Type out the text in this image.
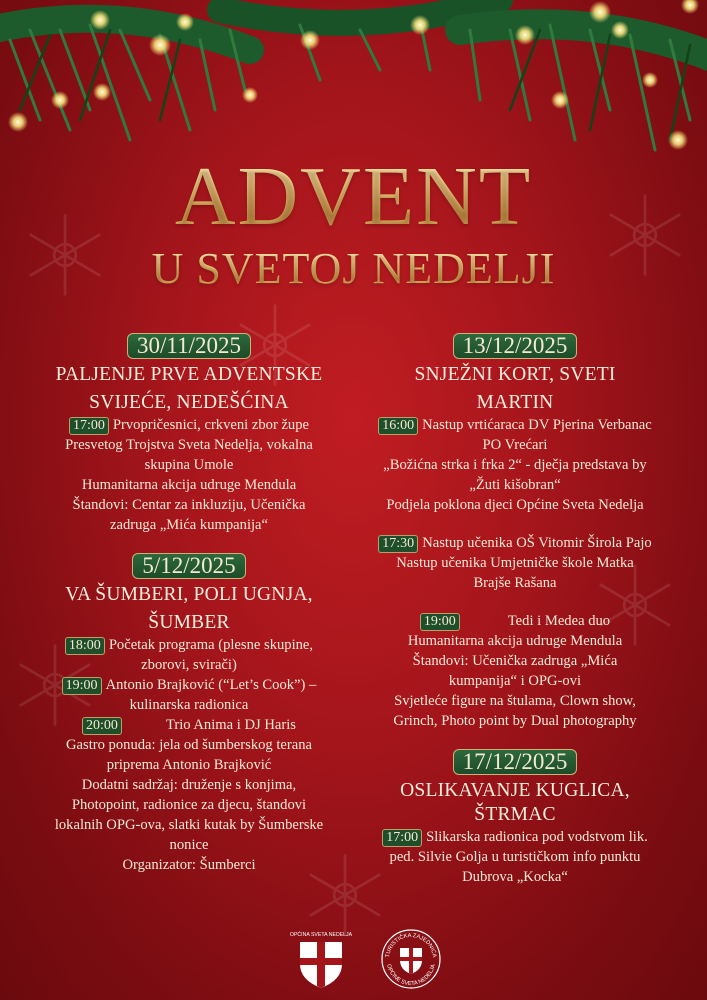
ADVENT
U SVETOJ NEDELJI
30/11/2025
PALJENJE PRVE ADVENTSKE
SVIJEĆE, NEDEŠĆINA
17:00 Prvopričesnici, crkveni zbor župe
Presvetog Trojstva Sveta Nedelja, vokalna
skupina Umole
Humanitarna akcija udruge Mendula
Štandovi: Centar za inkluziju, Učenička
zadruga „Mića kumpanija“
5/12/2025
VA ŠUMBERI, POLI UGNJA,
ŠUMBER
18:00 Početak programa (plesne skupine,
zborovi, svirači)
19:00 Antonio Brajković (“Let’s Cook”) –
kulinarska radionica
20:00	Trio Anima i DJ Haris
Gastro ponuda: jela od šumberskog terana
priprema Antonio Brajković
Dodatni sadržaj: druženje s konjima,
Photopoint, radionice za djecu, štandovi
lokalnih OPG-ova, slatki kutak by Šumberske
nonice
Organizator: Šumberci
13/12/2025
SNJEŽNI KORT, SVETI
MARTIN
16:00 Nastup vrtićaraca DV Pjerina Verbanac
PO Vrećari
„Božićna strka i frka 2“ - dječja predstava by
„Žuti kišobran“
Podjela poklona djeci Općine Sveta Nedelja
17:30 Nastup učenika OŠ Vitomir Širola Pajo
Nastup učenika Umjetničke škole Matka
Brajše Rašana
19:00	Tedi i Medea duo
Humanitarna akcija udruge Mendula
Štandovi: Učenička zadruga „Mića
kumpanija“ i OPG-ovi
Svjetleće figure na štulama, Clown show,
Grinch, Photo point by Dual photography
17/12/2025
OSLIKAVANJE KUGLICA, ŠTRMAC
17:00 Slikarska radionica pod vodstvom lik.
ped. Silvie Golja u turističkom info punktu
Dubrova „Kocka“
OPĆINA SVETA NEDELJA
TURISTIČKA ZAJEDNICA
OPĆINE SVETA NEDELJA
